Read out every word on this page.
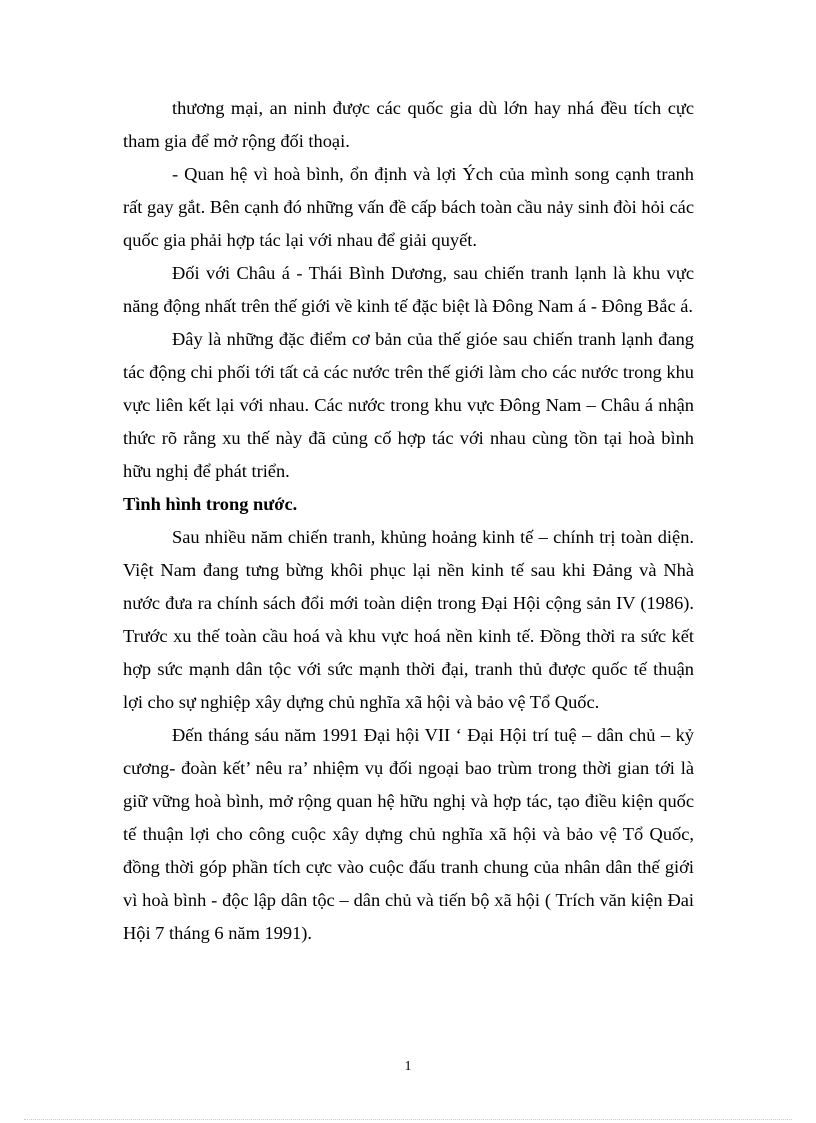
thương mại, an ninh được các quốc gia dù lớn hay nhá đều tích cực tham gia để mở rộng đối thoại.

- Quan hệ vì hoà bình, ổn định và lợi Ých của mình song cạnh tranh rất gay gắt. Bên cạnh đó những vấn đề cấp bách toàn cầu nảy sinh đòi hỏi các quốc gia phải hợp tác lại với nhau để giải quyết.

Đối với Châu á - Thái Bình Dương, sau chiến tranh lạnh là khu vực năng động nhất trên thế giới về kinh tế đặc biệt là Đông Nam á - Đông Bắc á.

Đây là những đặc điểm cơ bản của thế gióe sau chiến tranh lạnh đang tác động chi phối tới tất cả các nước trên thế giới làm cho các nước trong khu vực liên kết lại với nhau. Các nước trong khu vực Đông Nam – Châu á nhận thức rõ rằng xu thế này đã củng cố hợp tác với nhau cùng tồn tại hoà bình hữu nghị để phát triển.

Tình hình trong nước.

Sau nhiều năm chiến tranh, khủng hoảng kinh tế – chính trị toàn diện. Việt Nam đang tưng bừng khôi phục lại nền kinh tế sau khi Đảng và Nhà nước đưa ra chính sách đổi mới toàn diện trong Đại Hội cộng sản IV (1986). Trước xu thế toàn cầu hoá và khu vực hoá nền kinh tế. Đồng thời ra sức kết hợp sức mạnh dân tộc với sức mạnh thời đại, tranh thủ được quốc tế thuận lợi cho sự nghiệp xây dựng chủ nghĩa xã hội và bảo vệ Tổ Quốc.

Đến tháng sáu năm 1991 Đại hội VII ‘ Đại Hội trí tuệ – dân chủ – kỷ cương- đoàn kết’ nêu ra’ nhiệm vụ đối ngoại bao trùm trong thời gian tới là giữ vững hoà bình, mở rộng quan hệ hữu nghị và hợp tác, tạo điều kiện quốc tế thuận lợi cho công cuộc xây dựng chủ nghĩa xã hội và bảo vệ Tổ Quốc, đồng thời góp phần tích cực vào cuộc đấu tranh chung của nhân dân thế giới vì hoà bình - độc lập dân tộc – dân chủ và tiến bộ xã hội ( Trích văn kiện Đai Hội 7 tháng 6 năm 1991).

1
